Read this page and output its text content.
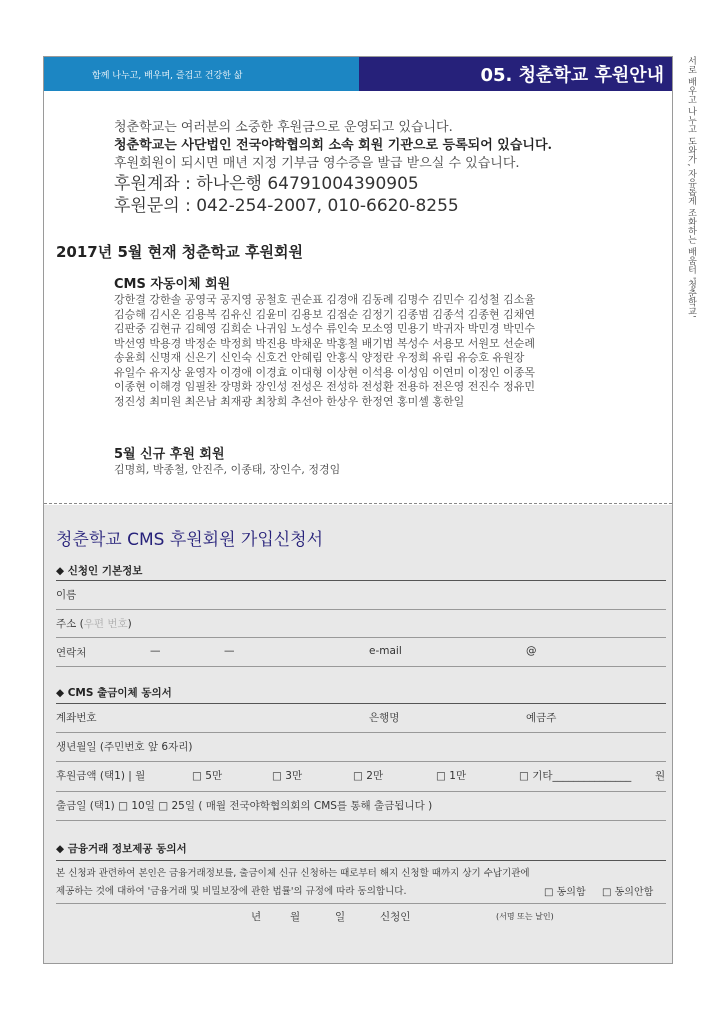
서로 배우고 나누고 도와가, 자유롭게 조화하는 배움터 '청춘학교'
함께 나누고, 배우며, 즐겁고 건강한 삶	05. 청춘학교 후원안내
청춘학교는 여러분의 소중한 후원금으로 운영되고 있습니다.
청춘학교는 사단법인 전국야학협의회 소속 회원 기관으로 등록되어 있습니다.
후원회원이 되시면 매년 지정 기부금 영수증을 발급 받으실 수 있습니다.
후원계좌 : 하나은행 64791004390905
후원문의 : 042-254-2007, 010-6620-8255
2017년 5월 현재 청춘학교 후원회원
CMS 자동이체 회원
강한결 강한솔 공영국 공지영 공철호 권순표 김경애 김동례 김명수 김민수 김성철 김소율
김승해 김시온 김용복 김유신 김윤미 김용보 김점순 김정기 김종범 김종석 김종현 김채연
김판중 김현규 김혜영 김희순 나귀임 노성수 류인숙 모소영 민용기 박귀자 박민경 박민수
박선영 박용경 박정순 박정희 박진용 박채운 박홍철 배기범 복성수 서용모 서원모 선순례
송윤희 신명재 신은기 신인숙 신호건 안혜림 안홍식 양정란 우정희 유림 유승호 유원장
유일수 유지상 윤영자 이경애 이경효 이대형 이상현 이석용 이성임 이연미 이정인 이종목
이종현 이해경 임필찬 장명화 장인성 전성은 전성하 전성환 전용하 전은영 전진수 정유민
정진성 최미원 최은남 최재광 최창희 추선아 한상우 한정연 홍미셸 홍한일
5월 신규 후원 회원
김명희, 박종철, 안진주, 이종태, 장인수, 정경임
청춘학교 CMS 후원회원 가입신청서
◆ 신청인 기본정보
이름
주소 (우편 번호)
연락처	—	—	e-mail	@
◆ CMS 출금이체 동의서
계좌번호	은행명	예금주
생년월일 (주민번호 앞 6자리)
후원금액 (택1) | 월	□ 5만	□ 3만	□ 2만	□ 1만	□ 기타_______________ 원
출금일 (택1) □ 10일 □ 25일 ( 매월 전국야학협의회의 CMS를 통해 출금됩니다 )
◆ 금융거래 정보제공 동의서
본 신청과 관련하여 본인은 금융거래정보를, 출금이체 신규 신청하는 때로부터 해지 신청할 때까지 상기 수납기관에
제공하는 것에 대하여 '금융거래 및 비밀보장에 관한 법률'의 규정에 따라 동의합니다.	□ 동의함 □ 동의안함
년	월	일	신청인	(서명 또는 날인)
